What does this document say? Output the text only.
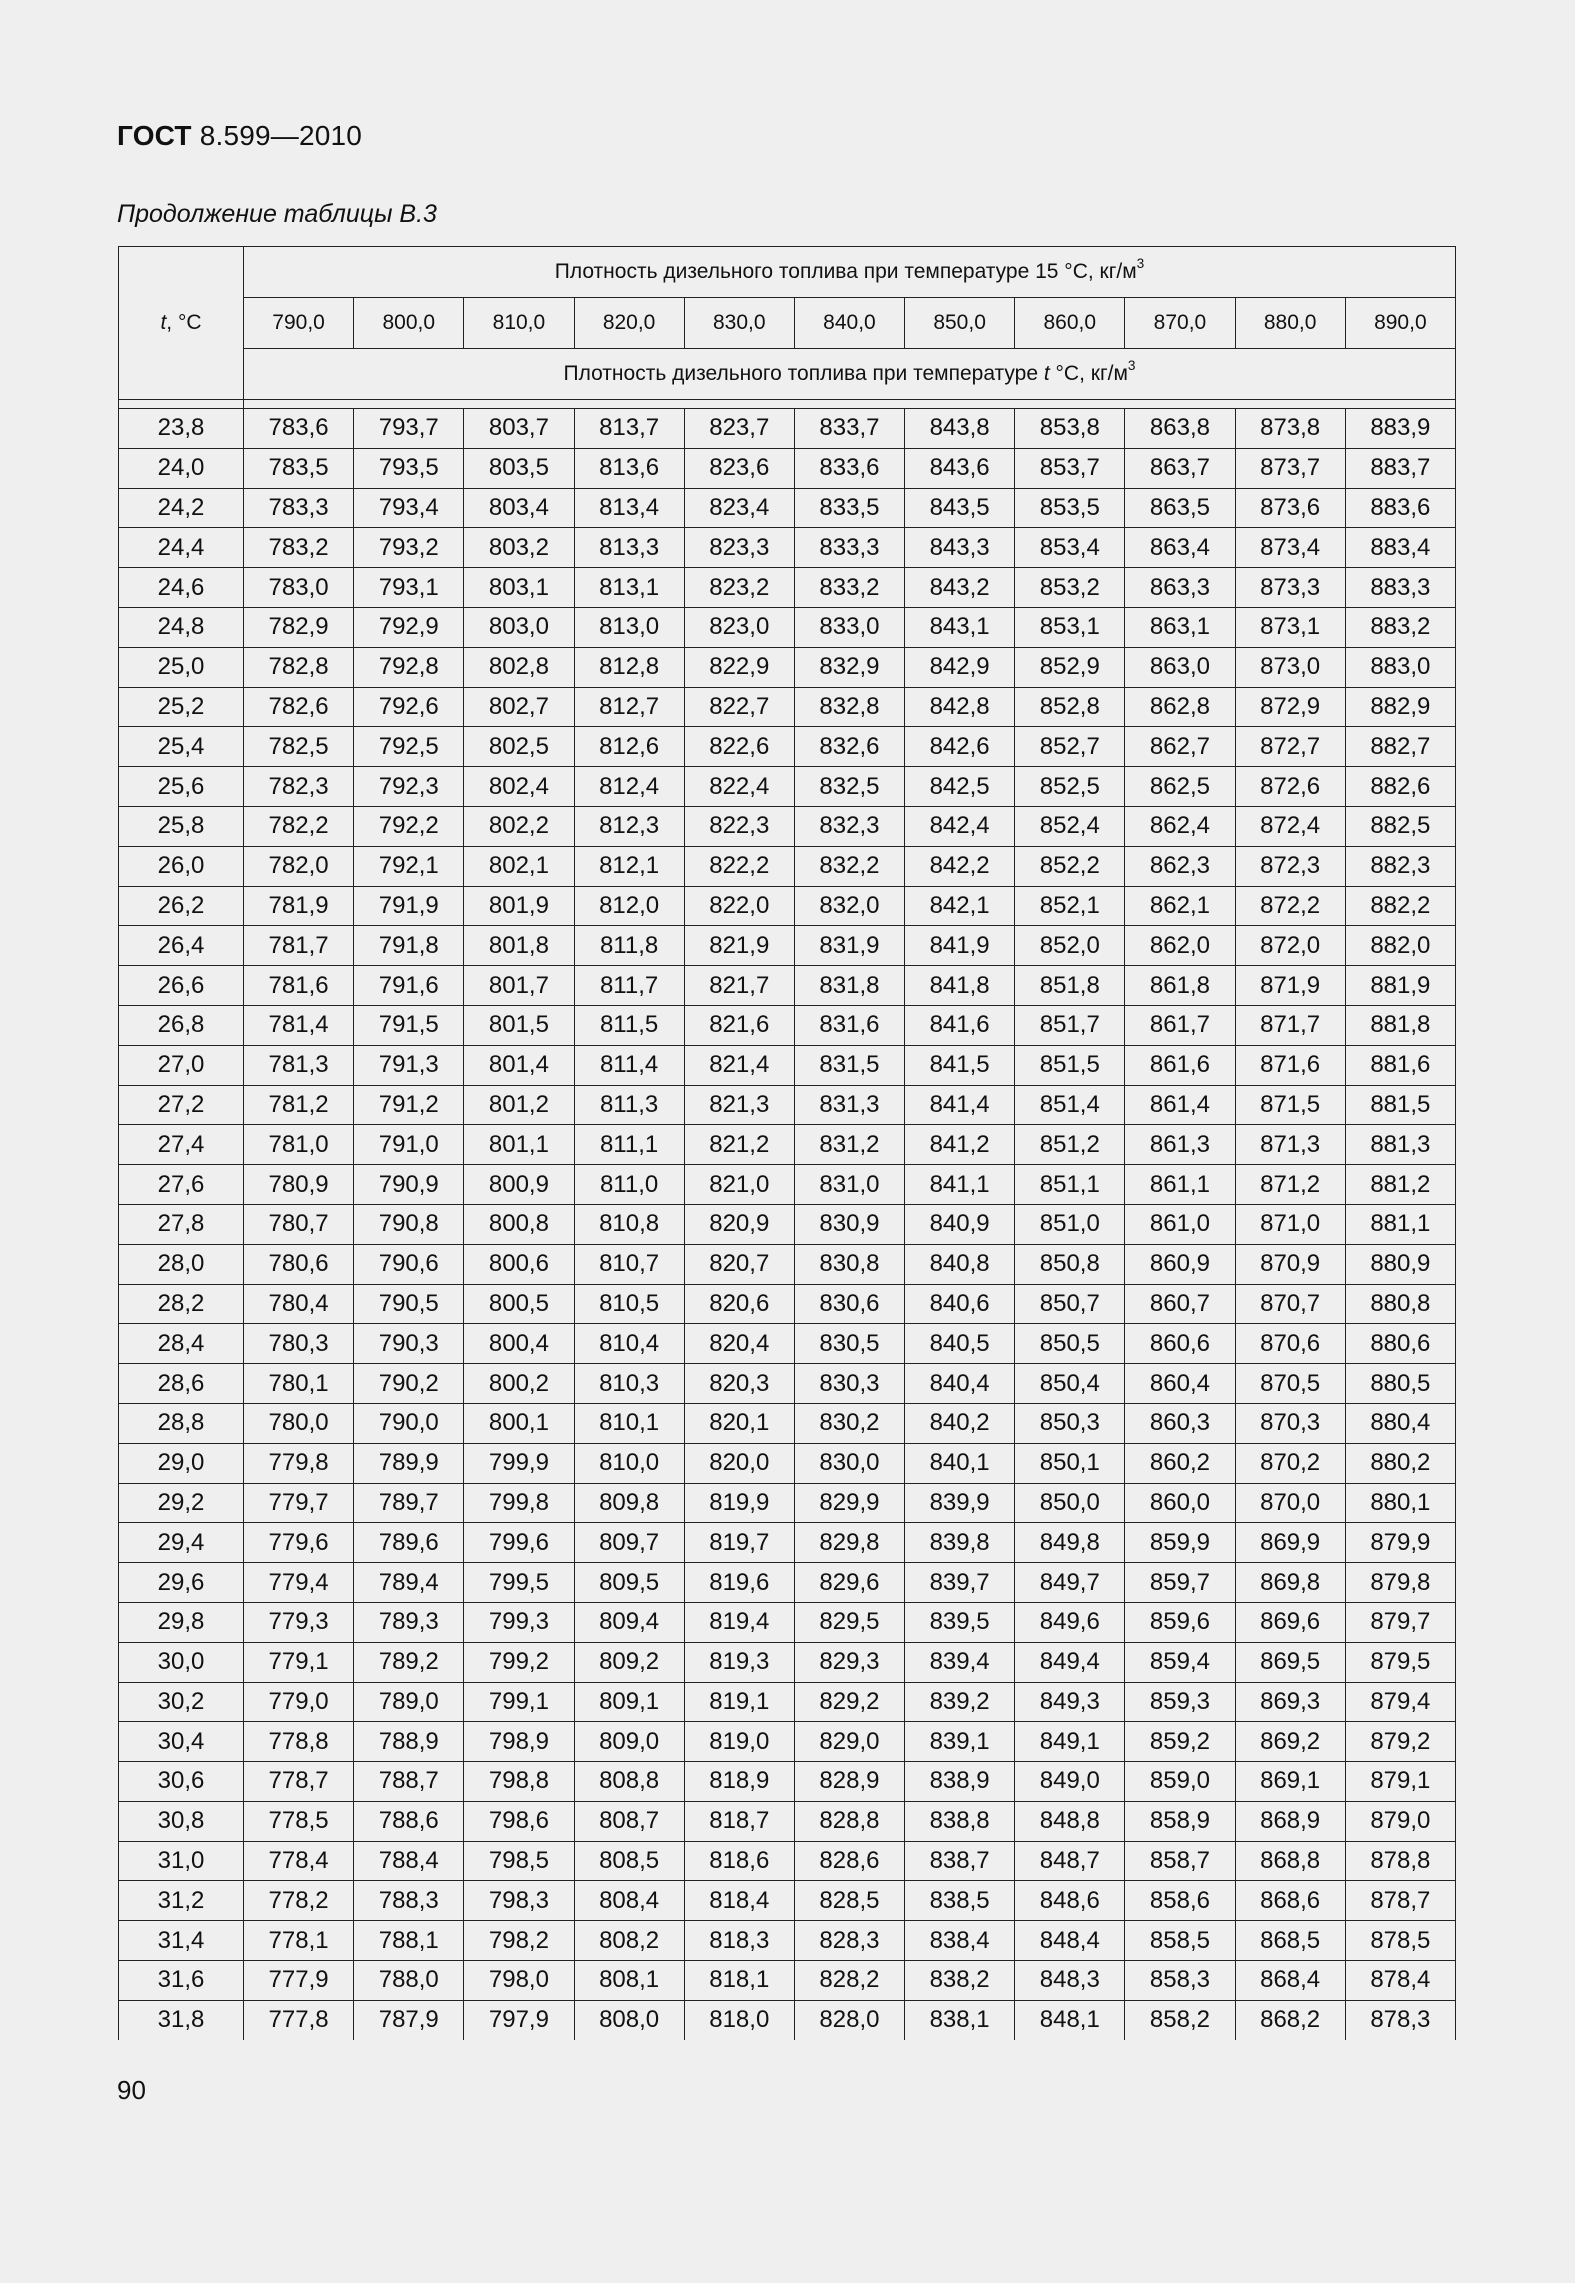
ГОСТ 8.599—2010
Продолжение таблицы В.3
t, °С	Плотность дизельного топлива при температуре 15 °С, $кг/м^3$
	790,0	800,0	810,0	820,0	830,0	840,0	850,0	860,0	870,0	880,0	890,0
	Плотность дизельного топлива при температуре t °С, $кг/м^3$

23,8	783,6	793,7	803,7	813,7	823,7	833,7	843,8	853,8	863,8	873,8	883,9
24,0	783,5	793,5	803,5	813,6	823,6	833,6	843,6	853,7	863,7	873,7	883,7
24,2	783,3	793,4	803,4	813,4	823,4	833,5	843,5	853,5	863,5	873,6	883,6
24,4	783,2	793,2	803,2	813,3	823,3	833,3	843,3	853,4	863,4	873,4	883,4
24,6	783,0	793,1	803,1	813,1	823,2	833,2	843,2	853,2	863,3	873,3	883,3
24,8	782,9	792,9	803,0	813,0	823,0	833,0	843,1	853,1	863,1	873,1	883,2
25,0	782,8	792,8	802,8	812,8	822,9	832,9	842,9	852,9	863,0	873,0	883,0
25,2	782,6	792,6	802,7	812,7	822,7	832,8	842,8	852,8	862,8	872,9	882,9
25,4	782,5	792,5	802,5	812,6	822,6	832,6	842,6	852,7	862,7	872,7	882,7
25,6	782,3	792,3	802,4	812,4	822,4	832,5	842,5	852,5	862,5	872,6	882,6
25,8	782,2	792,2	802,2	812,3	822,3	832,3	842,4	852,4	862,4	872,4	882,5
26,0	782,0	792,1	802,1	812,1	822,2	832,2	842,2	852,2	862,3	872,3	882,3
26,2	781,9	791,9	801,9	812,0	822,0	832,0	842,1	852,1	862,1	872,2	882,2
26,4	781,7	791,8	801,8	811,8	821,9	831,9	841,9	852,0	862,0	872,0	882,0
26,6	781,6	791,6	801,7	811,7	821,7	831,8	841,8	851,8	861,8	871,9	881,9
26,8	781,4	791,5	801,5	811,5	821,6	831,6	841,6	851,7	861,7	871,7	881,8
27,0	781,3	791,3	801,4	811,4	821,4	831,5	841,5	851,5	861,6	871,6	881,6
27,2	781,2	791,2	801,2	811,3	821,3	831,3	841,4	851,4	861,4	871,5	881,5
27,4	781,0	791,0	801,1	811,1	821,2	831,2	841,2	851,2	861,3	871,3	881,3
27,6	780,9	790,9	800,9	811,0	821,0	831,0	841,1	851,1	861,1	871,2	881,2
27,8	780,7	790,8	800,8	810,8	820,9	830,9	840,9	851,0	861,0	871,0	881,1
28,0	780,6	790,6	800,6	810,7	820,7	830,8	840,8	850,8	860,9	870,9	880,9
28,2	780,4	790,5	800,5	810,5	820,6	830,6	840,6	850,7	860,7	870,7	880,8
28,4	780,3	790,3	800,4	810,4	820,4	830,5	840,5	850,5	860,6	870,6	880,6
28,6	780,1	790,2	800,2	810,3	820,3	830,3	840,4	850,4	860,4	870,5	880,5
28,8	780,0	790,0	800,1	810,1	820,1	830,2	840,2	850,3	860,3	870,3	880,4
29,0	779,8	789,9	799,9	810,0	820,0	830,0	840,1	850,1	860,2	870,2	880,2
29,2	779,7	789,7	799,8	809,8	819,9	829,9	839,9	850,0	860,0	870,0	880,1
29,4	779,6	789,6	799,6	809,7	819,7	829,8	839,8	849,8	859,9	869,9	879,9
29,6	779,4	789,4	799,5	809,5	819,6	829,6	839,7	849,7	859,7	869,8	879,8
29,8	779,3	789,3	799,3	809,4	819,4	829,5	839,5	849,6	859,6	869,6	879,7
30,0	779,1	789,2	799,2	809,2	819,3	829,3	839,4	849,4	859,4	869,5	879,5
30,2	779,0	789,0	799,1	809,1	819,1	829,2	839,2	849,3	859,3	869,3	879,4
30,4	778,8	788,9	798,9	809,0	819,0	829,0	839,1	849,1	859,2	869,2	879,2
30,6	778,7	788,7	798,8	808,8	818,9	828,9	838,9	849,0	859,0	869,1	879,1
30,8	778,5	788,6	798,6	808,7	818,7	828,8	838,8	848,8	858,9	868,9	879,0
31,0	778,4	788,4	798,5	808,5	818,6	828,6	838,7	848,7	858,7	868,8	878,8
31,2	778,2	788,3	798,3	808,4	818,4	828,5	838,5	848,6	858,6	868,6	878,7
31,4	778,1	788,1	798,2	808,2	818,3	828,3	838,4	848,4	858,5	868,5	878,5
31,6	777,9	788,0	798,0	808,1	818,1	828,2	838,2	848,3	858,3	868,4	878,4
31,8	777,8	787,9	797,9	808,0	818,0	828,0	838,1	848,1	858,2	868,2	878,3
90
